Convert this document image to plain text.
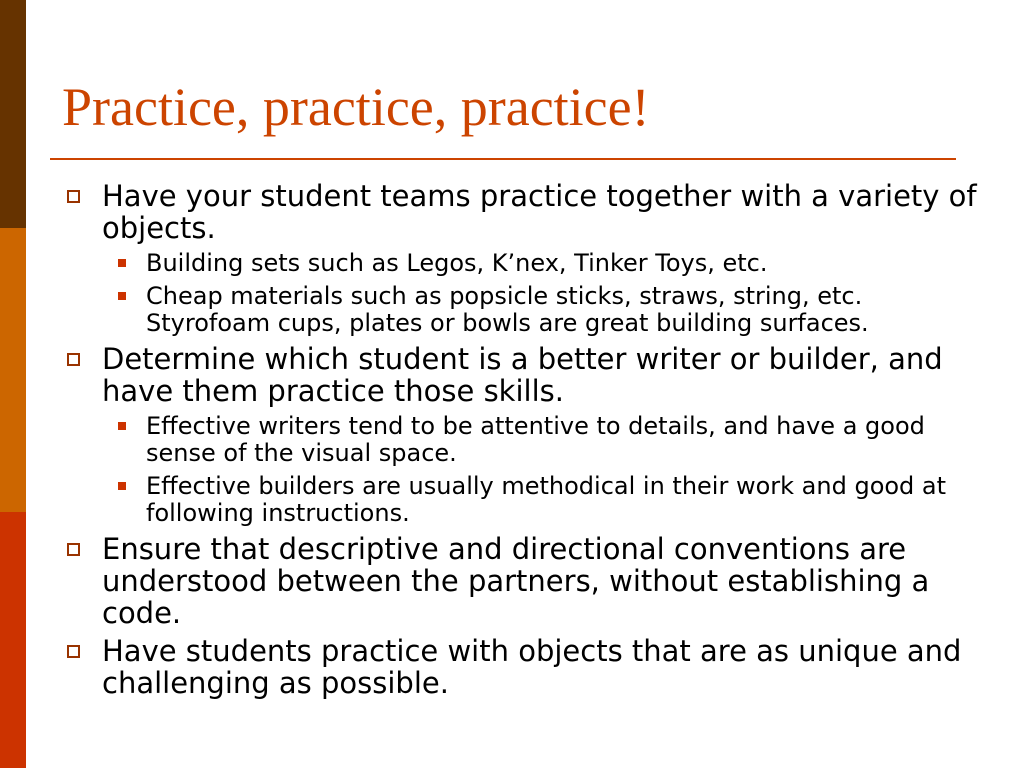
Practice, practice, practice!
Have your student teams practice together with a variety of objects.
Building sets such as Legos, K’nex, Tinker Toys, etc.
Cheap materials such as popsicle sticks, straws, string, etc. Styrofoam cups, plates or bowls are great building surfaces.
Determine which student is a better writer or builder, and have them practice those skills.
Effective writers tend to be attentive to details, and have a good sense of the visual space.
Effective builders are usually methodical in their work and good at following instructions.
Ensure that descriptive and directional conventions are understood between the partners, without establishing a code.
Have students practice with objects that are as unique and challenging as possible.
